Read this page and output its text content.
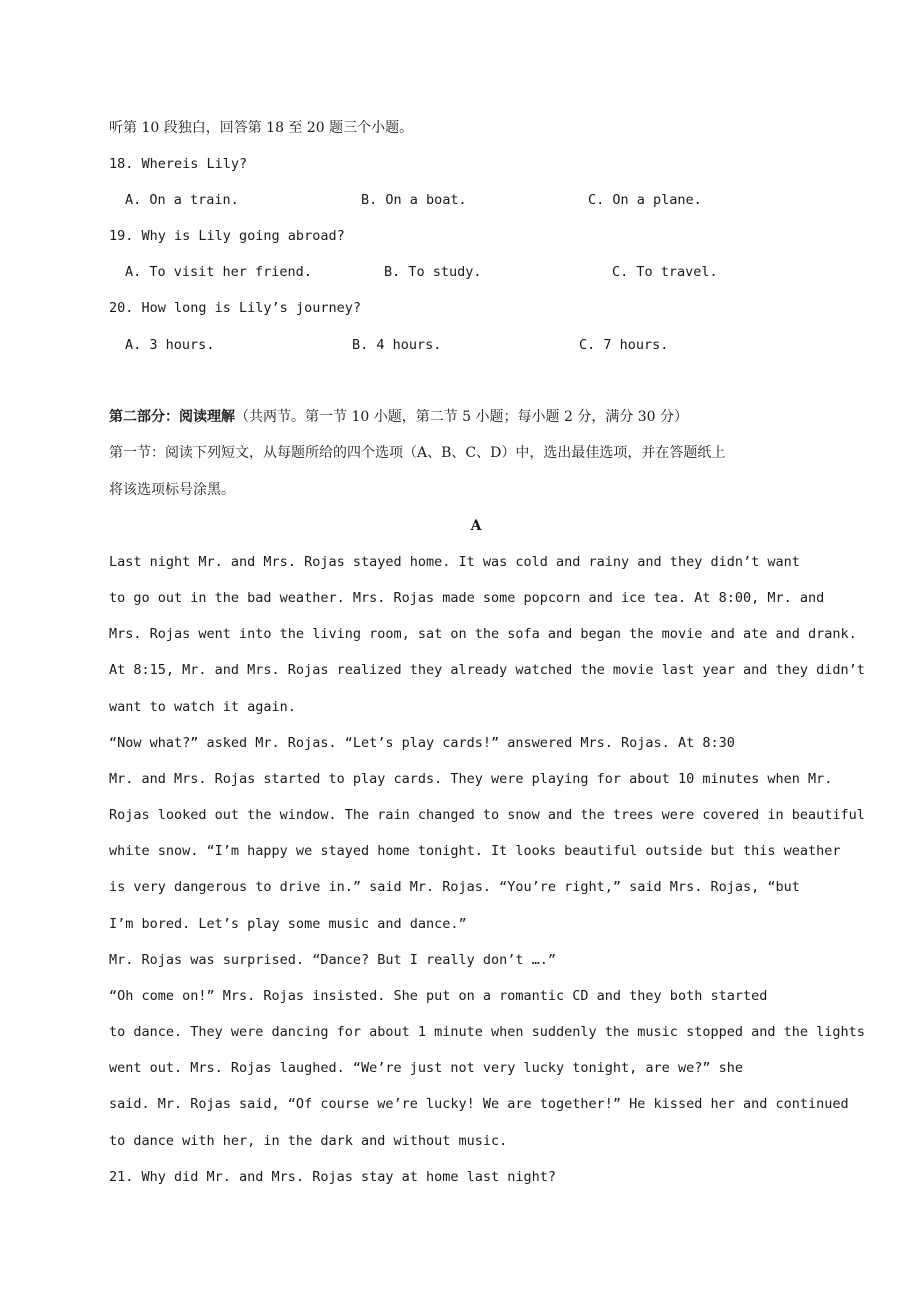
听第 10 段独白，回答第 18 至 20 题三个小题。
18. Whereis Lily?
A. On a train.	B. On a boat.	C. On a plane.
19. Why is Lily going abroad?
A. To visit her friend.	B. To study.	C. To travel.
20. How long is Lily’s journey?
A. 3 hours.	B. 4 hours.	C. 7 hours.
第二部分：阅读理解（共两节。第一节 10 小题，第二节 5 小题；每小题 2 分，满分 30 分）
第一节：阅读下列短文，从每题所给的四个选项（A、B、C、D）中，选出最佳选项，并在答题纸上
将该选项标号涂黑。
A
Last night Mr. and Mrs. Rojas stayed home. It was cold and rainy and they didn’t want
to go out in the bad weather. Mrs. Rojas made some popcorn and ice tea. At 8:00, Mr. and
Mrs. Rojas went into the living room, sat on the sofa and began the movie and ate and drank.
At 8:15, Mr. and Mrs. Rojas realized they already watched the movie last year and they didn’t
want to watch it again.
“Now what?” asked Mr. Rojas. “Let’s play cards!” answered Mrs. Rojas. At 8:30
Mr. and Mrs. Rojas started to play cards. They were playing for about 10 minutes when Mr.
Rojas looked out the window. The rain changed to snow and the trees were covered in beautiful
white snow. “I’m happy we stayed home tonight. It looks beautiful outside but this weather
is very dangerous to drive in.” said Mr. Rojas. “You’re right,” said Mrs. Rojas, “but
I’m bored. Let’s play some music and dance.”
Mr. Rojas was surprised. “Dance? But I really don’t ….”
“Oh come on!” Mrs. Rojas insisted. She put on a romantic CD and they both started
to dance. They were dancing for about 1 minute when suddenly the music stopped and the lights
went out. Mrs. Rojas laughed. “We’re just not very lucky tonight, are we?” she
said. Mr. Rojas said, “Of course we’re lucky! We are together!” He kissed her and continued
to dance with her, in the dark and without music.
21. Why did Mr. and Mrs. Rojas stay at home last night?
